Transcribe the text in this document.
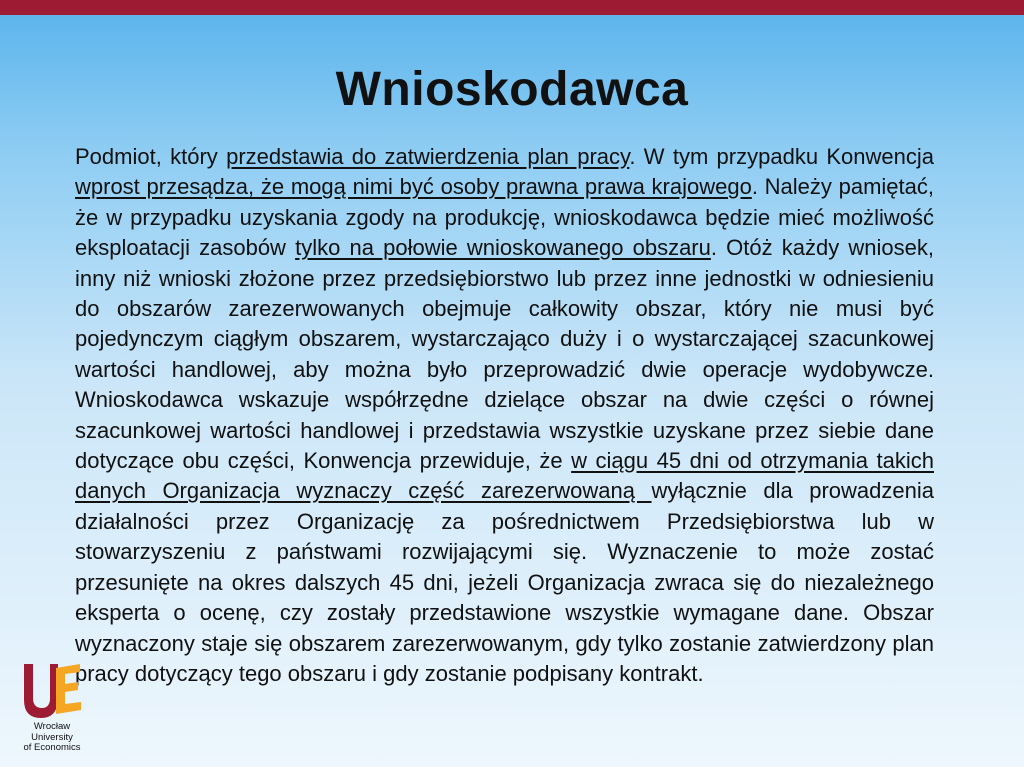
Wnioskodawca

Podmiot, który przedstawia do zatwierdzenia plan pracy. W tym przypadku Konwencja wprost przesądza, że mogą nimi być osoby prawna prawa krajowego. Należy pamiętać, że w przypadku uzyskania zgody na produkcję, wnioskodawca będzie mieć możliwość eksploatacji zasobów tylko na połowie wnioskowanego obszaru. Otóż każdy wniosek, inny niż wnioski złożone przez przedsiębiorstwo lub przez inne jednostki w odniesieniu do obszarów zarezerwowanych obejmuje całkowity obszar, który nie musi być pojedynczym ciągłym obszarem, wystarczająco duży i o wystarczającej szacunkowej wartości handlowej, aby można było przeprowadzić dwie operacje wydobywcze. Wnioskodawca wskazuje współrzędne dzielące obszar na dwie części o równej szacunkowej wartości handlowej i przedstawia wszystkie uzyskane przez siebie dane dotyczące obu części, Konwencja przewiduje, że w ciągu 45 dni od otrzymania takich danych Organizacja wyznaczy część zarezerwowaną wyłącznie dla prowadzenia działalności przez Organizację za pośrednictwem Przedsiębiorstwa lub w stowarzyszeniu z państwami rozwijającymi się. Wyznaczenie to może zostać przesunięte na okres dalszych 45 dni, jeżeli Organizacja zwraca się do niezależnego eksperta o ocenę, czy zostały przedstawione wszystkie wymagane dane. Obszar wyznaczony staje się obszarem zarezerwowanym, gdy tylko zostanie zatwierdzony plan pracy dotyczący tego obszaru i gdy zostanie podpisany kontrakt.

Wrocław
University
of Economics
